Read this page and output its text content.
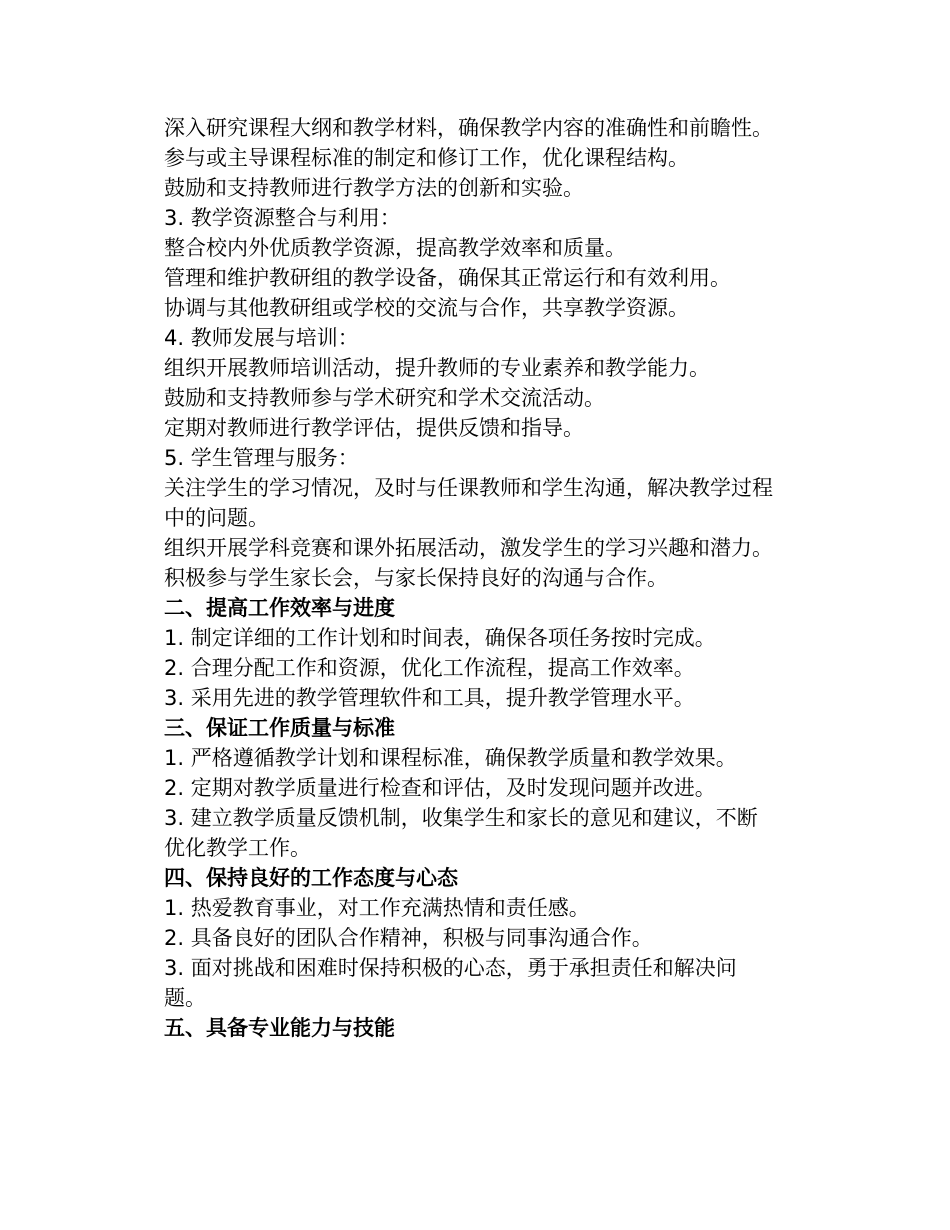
深入研究课程大纲和教学材料，确保教学内容的准确性和前瞻性。

参与或主导课程标准的制定和修订工作，优化课程结构。

鼓励和支持教师进行教学方法的创新和实验。

3. 教学资源整合与利用：

整合校内外优质教学资源，提高教学效率和质量。

管理和维护教研组的教学设备，确保其正常运行和有效利用。

协调与其他教研组或学校的交流与合作，共享教学资源。

4. 教师发展与培训：

组织开展教师培训活动，提升教师的专业素养和教学能力。

鼓励和支持教师参与学术研究和学术交流活动。

定期对教师进行教学评估，提供反馈和指导。

5. 学生管理与服务：

关注学生的学习情况，及时与任课教师和学生沟通，解决教学过程中的问题。

组织开展学科竞赛和课外拓展活动，激发学生的学习兴趣和潜力。

积极参与学生家长会，与家长保持良好的沟通与合作。

二、提高工作效率与进度

1. 制定详细的工作计划和时间表，确保各项任务按时完成。

2. 合理分配工作和资源，优化工作流程，提高工作效率。

3. 采用先进的教学管理软件和工具，提升教学管理水平。

三、保证工作质量与标准

1. 严格遵循教学计划和课程标准，确保教学质量和教学效果。

2. 定期对教学质量进行检查和评估，及时发现问题并改进。

3. 建立教学质量反馈机制，收集学生和家长的意见和建议，不断优化教学工作。

四、保持良好的工作态度与心态

1. 热爱教育事业，对工作充满热情和责任感。

2. 具备良好的团队合作精神，积极与同事沟通合作。

3. 面对挑战和困难时保持积极的心态，勇于承担责任和解决问题。

五、具备专业能力与技能
